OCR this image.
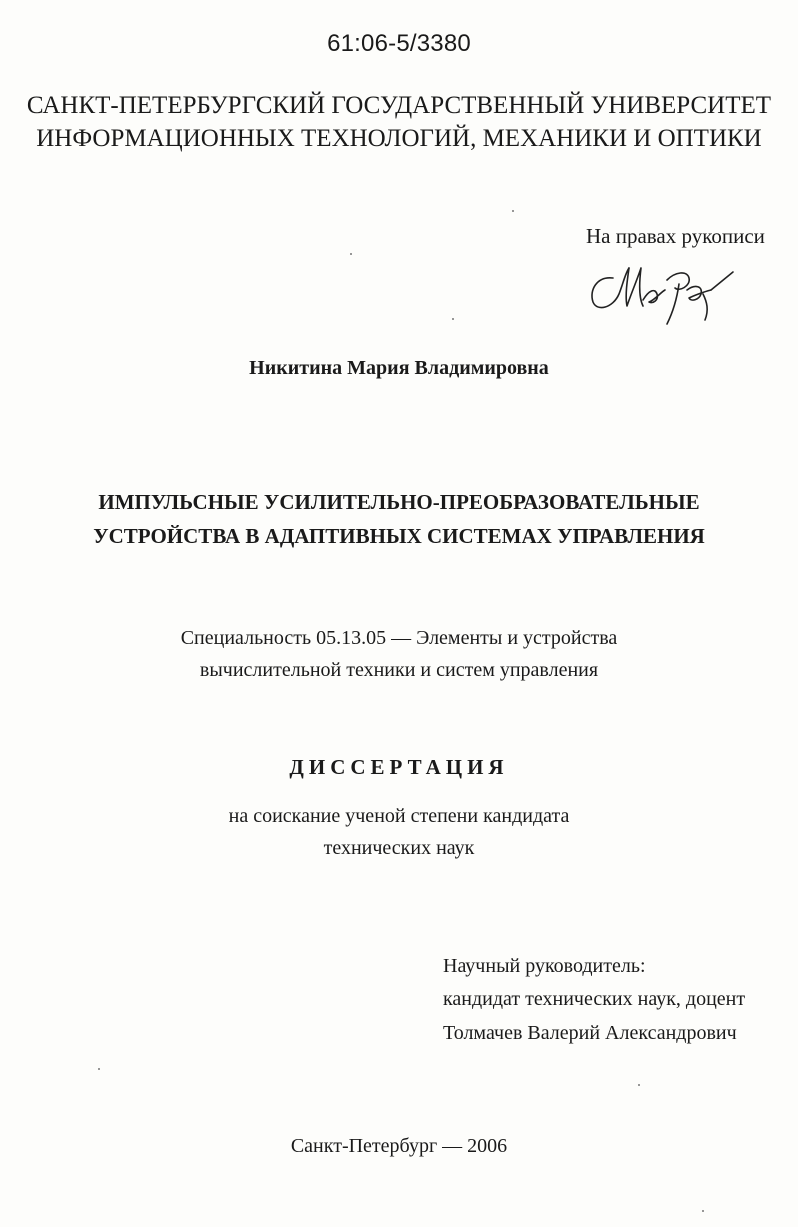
61:06-5/3380
САНКТ-ПЕТЕРБУРГСКИЙ ГОСУДАРСТВЕННЫЙ УНИВЕРСИТЕТ
ИНФОРМАЦИОННЫХ ТЕХНОЛОГИЙ, МЕХАНИКИ И ОПТИКИ
На правах рукописи
Никитина Мария Владимировна
ИМПУЛЬСНЫЕ УСИЛИТЕЛЬНО-ПРЕОБРАЗОВАТЕЛЬНЫЕ
УСТРОЙСТВА В АДАПТИВНЫХ СИСТЕМАХ УПРАВЛЕНИЯ
Специальность 05.13.05 — Элементы и устройства
вычислительной техники и систем управления
ДИССЕРТАЦИЯ
на соискание ученой степени кандидата
технических наук
Научный руководитель:
кандидат технических наук, доцент
Толмачев Валерий Александрович
Санкт-Петербург — 2006
